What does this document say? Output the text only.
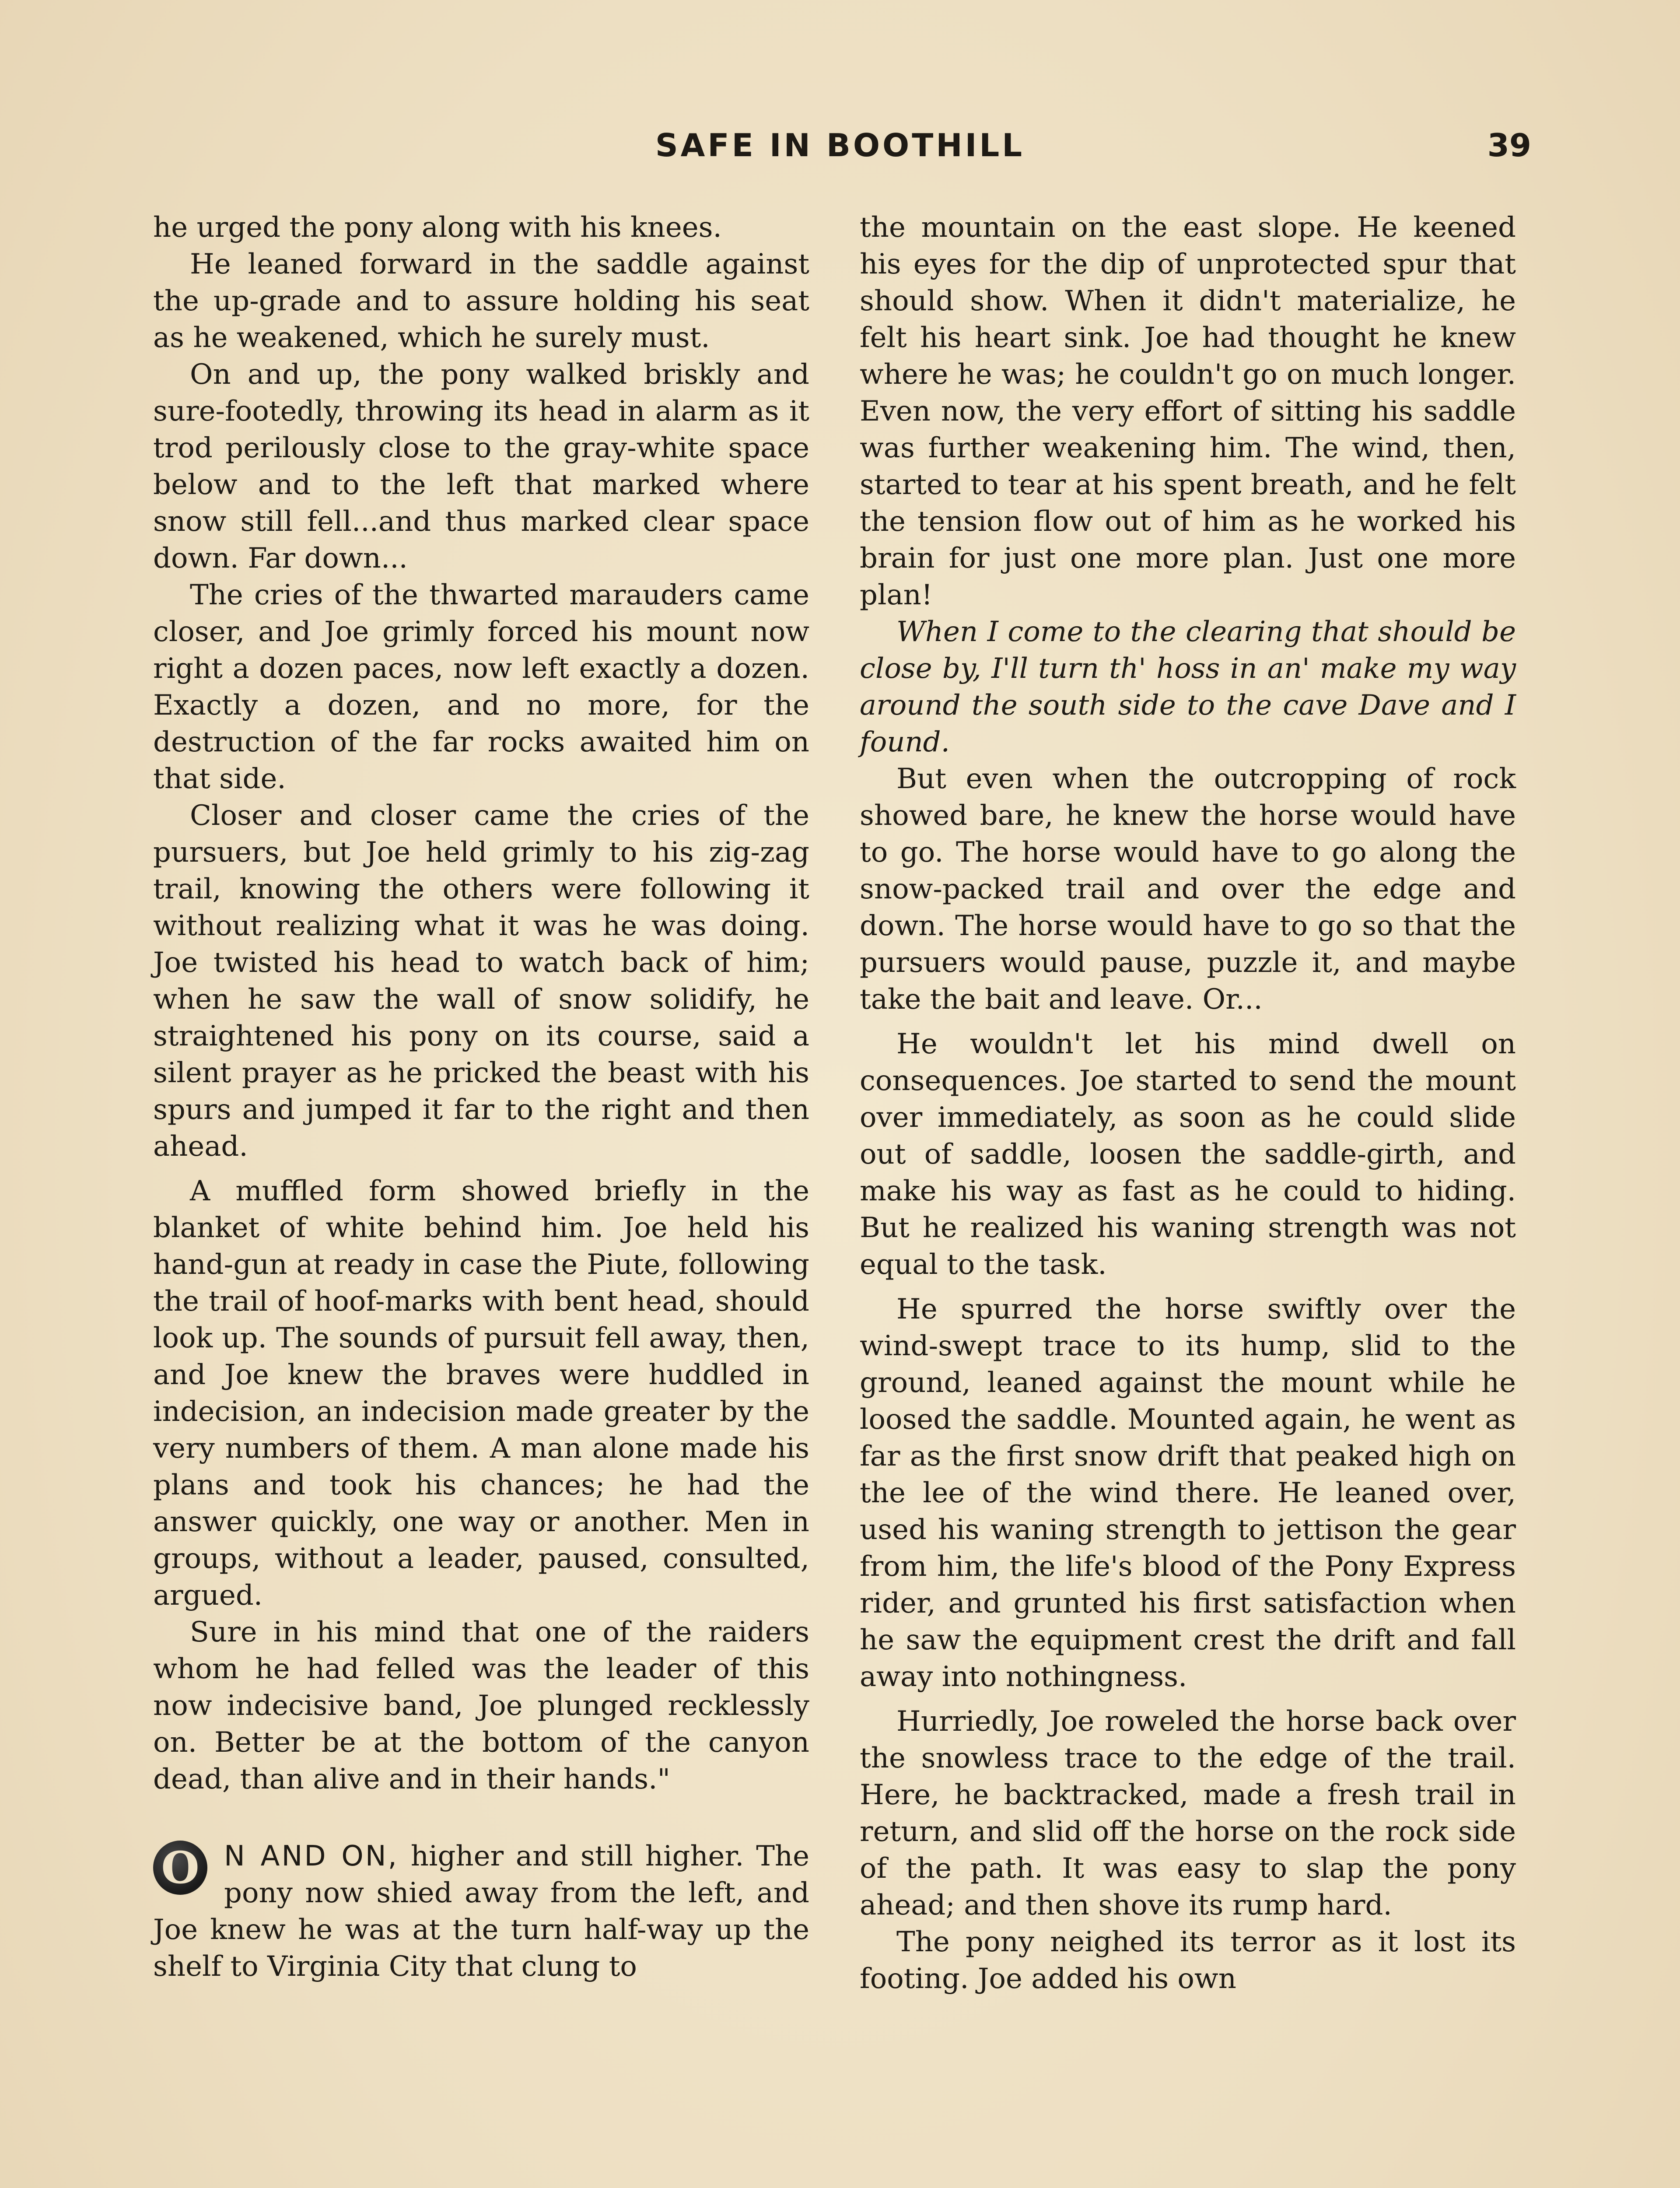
SAFE IN BOOTHILL	39

he urged the pony along with his knees.

He leaned forward in the saddle against the up-grade and to assure holding his seat as he weakened, which he surely must.

On and up, the pony walked briskly and sure-footedly, throwing its head in alarm as it trod perilously close to the gray-white space below and to the left that marked where snow still fell...and thus marked clear space down. Far down...

The cries of the thwarted marauders came closer, and Joe grimly forced his mount now right a dozen paces, now left exactly a dozen. Exactly a dozen, and no more, for the destruction of the far rocks awaited him on that side.

Closer and closer came the cries of the pursuers, but Joe held grimly to his zig-zag trail, knowing the others were following it without realizing what it was he was doing. Joe twisted his head to watch back of him; when he saw the wall of snow solidify, he straightened his pony on its course, said a silent prayer as he pricked the beast with his spurs and jumped it far to the right and then ahead.

A muffled form showed briefly in the blanket of white behind him. Joe held his hand-gun at ready in case the Piute, following the trail of hoof-marks with bent head, should look up. The sounds of pursuit fell away, then, and Joe knew the braves were huddled in indecision, an indecision made greater by the very numbers of them. A man alone made his plans and took his chances; he had the answer quickly, one way or another. Men in groups, without a leader, paused, consulted, argued.

Sure in his mind that one of the raiders whom he had felled was the leader of this now indecisive band, Joe plunged recklessly on. Better be at the bottom of the canyon dead, than alive and in their hands."

O N AND ON, higher and still higher. The pony now shied away from the left, and Joe knew he was at the turn half-way up the shelf to Virginia City that clung to

the mountain on the east slope. He keened his eyes for the dip of unprotected spur that should show. When it didn't materialize, he felt his heart sink. Joe had thought he knew where he was; he couldn't go on much longer. Even now, the very effort of sitting his saddle was further weakening him. The wind, then, started to tear at his spent breath, and he felt the tension flow out of him as he worked his brain for just one more plan. Just one more plan!

When I come to the clearing that should be close by, I'll turn th' hoss in an' make my way around the south side to the cave Dave and I found.

But even when the outcropping of rock showed bare, he knew the horse would have to go. The horse would have to go along the snow-packed trail and over the edge and down. The horse would have to go so that the pursuers would pause, puzzle it, and maybe take the bait and leave. Or...

He wouldn't let his mind dwell on consequences. Joe started to send the mount over immediately, as soon as he could slide out of saddle, loosen the saddle-girth, and make his way as fast as he could to hiding. But he realized his waning strength was not equal to the task.

He spurred the horse swiftly over the wind-swept trace to its hump, slid to the ground, leaned against the mount while he loosed the saddle. Mounted again, he went as far as the first snow drift that peaked high on the lee of the wind there. He leaned over, used his waning strength to jettison the gear from him, the life's blood of the Pony Express rider, and grunted his first satisfaction when he saw the equipment crest the drift and fall away into nothingness.

Hurriedly, Joe roweled the horse back over the snowless trace to the edge of the trail. Here, he backtracked, made a fresh trail in return, and slid off the horse on the rock side of the path. It was easy to slap the pony ahead; and then shove its rump hard.

The pony neighed its terror as it lost its footing. Joe added his own
